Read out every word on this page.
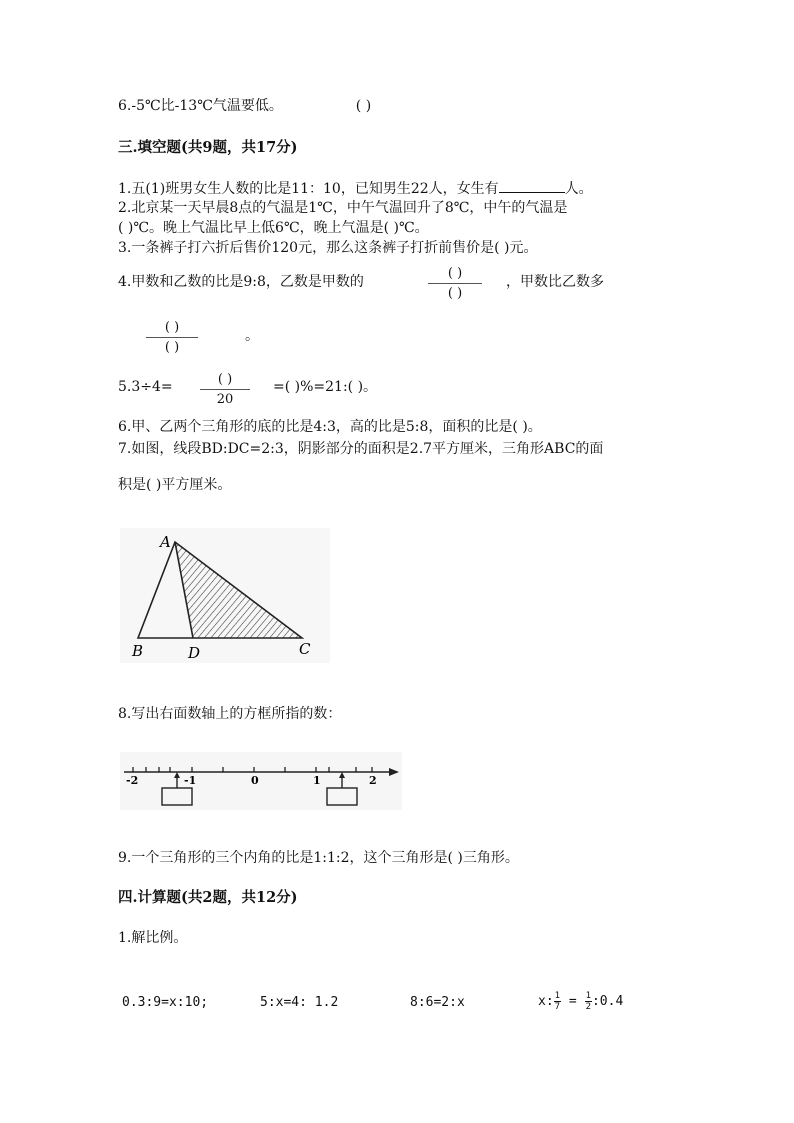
6.-5℃比-13℃气温要低。	( )
三.填空题(共9题，共17分)
1.五(1)班男女生人数的比是11：10，已知男生22人，女生有	人。
2.北京某一天早晨8点的气温是1℃，中午气温回升了8℃，中午的气温是
( )℃。晚上气温比早上低6℃，晚上气温是( )℃。
3.一条裤子打六折后售价120元，那么这条裤子打折前售价是( )元。
4.甲数和乙数的比是9:8，乙数是甲数的
( )
( )
，甲数比乙数多
( )
( )
。
5.3÷4=	( )
20
=( )%=21:( )。
6.甲、乙两个三角形的底的比是4:3，高的比是5:8，面积的比是( )。
7.如图，线段BD:DC=2:3，阴影部分的面积是2.7平方厘米，三角形ABC的面
积是( )平方厘米。
A
B	D	C
8.写出右面数轴上的方框所指的数：
-2	-1	0	1	2
9.一个三角形的三个内角的比是1:1:2，这个三角形是( )三角形。
四.计算题(共2题，共12分)
1.解比例。
0.3:9=x:10;	5:x=4: 1.2	8:6=2:x	x: $\frac{1}{7} = \frac{1}{2}$ :0.4
